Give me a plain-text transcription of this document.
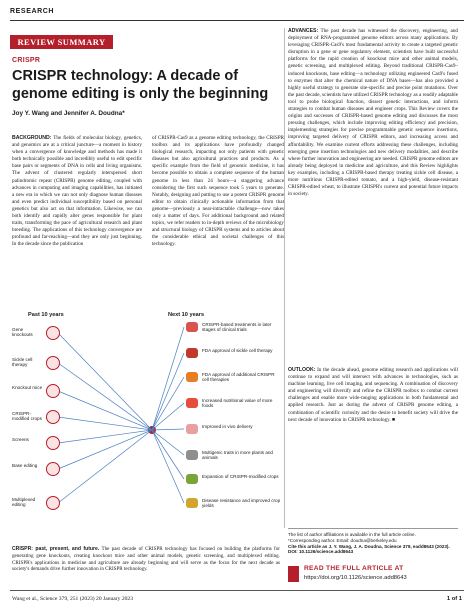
RESEARCH
REVIEW SUMMARY
CRISPR
CRISPR technology: A decade of genome editing is only the beginning
Joy Y. Wang and Jennifer A. Doudna*

BACKGROUND: The fields of molecular biology, genetics, and genomics are at a critical juncture—a moment in history when a convergence of knowledge and methods has made it both technically possible and incredibly useful to edit specific base pairs or segments of DNA in cells and living organisms. The advent of clustered regularly interspersed short palindromic repeat (CRISPR) genome editing, coupled with advances in computing and imaging capabilities, has initiated a new era in which we can not only diagnose human diseases and even predict individual susceptibility based on personal genetics but also act on that information. Likewise, we can both identify and rapidly alter genes responsible for plant traits, transforming the pace of agricultural research and plant breeding. The applications of this technology convergence are profound and far-reaching—and they are only just beginning. In the decade since the publication

of CRISPR-Cas9 as a genome editing technology, the CRISPR toolbox and its applications have profoundly changed biological research, impacting not only patients with genetic diseases but also agricultural practices and products. As a specific example from the field of genomic medicine, it has become possible to obtain a complete sequence of the human genome in less than 24 hours—a staggering advance considering the first such sequence took 5 years to generate. Notably, designing and putting to use a potent CRISPR genome editor to obtain clinically actionable information from that genome—previously a near-intractable challenge—now takes only a matter of days. For additional background and related topics, we refer readers to in-depth reviews of the microbiology and structural biology of CRISPR systems and to articles about the considerable ethical and societal challenges of this technology.

ADVANCES: The past decade has witnessed the discovery, engineering, and deployment of RNA-programmed genome editors across many applications. By leveraging CRISPR-Cas9's most fundamental activity to create a targeted genetic disruption in a gene or gene regulatory element, scientists have built successful platforms for the rapid creation of knockout mice and other animal models, genetic screening, and multiplexed editing. Beyond traditional CRISPR-Cas9–induced knockouts, base editing—a technology utilizing engineered Cas9's fused to enzymes that alter the chemical nature of DNA bases—has also provided a highly useful strategy to generate site-specific and precise point mutations. Over the past decade, scientists have utilized CRISPR technology as a readily adaptable tool to probe biological function, dissect genetic interactions, and inform strategies to combat human diseases and engineer crops. This Review covers the origins and successes of CRISPR-based genome editing and discusses the most pressing challenges, which include improving editing efficiency and precision, implementing strategies for precise programmable genetic sequence insertions, improving targeted delivery of CRISPR editors, and increasing access and affordability. We examine current efforts addressing these challenges, including emerging gene insertion technologies and new delivery modalities, and describe where further innovation and engineering are needed. CRISPR genome editors are already being deployed in medicine and agriculture, and this Review highlights key examples, including a CRISPR-based therapy treating sickle cell disease, a more nutritious CRISPR-edited tomato, and a high-yield, disease-resistant CRISPR-edited wheat, to illustrate CRISPR's current and potential future impacts in society.

OUTLOOK: In the decade ahead, genome editing research and applications will continue to expand and will intersect with advances in technologies, such as machine learning, live cell imaging, and sequencing. A combination of discovery and engineering will diversify and refine the CRISPR toolbox to combat current challenges and enable more wide-ranging applications in both fundamental and applied research. Just as during the advent of CRISPR genome editing, a combination of scientific curiosity and the desire to benefit society will drive the next decade of innovation in CRISPR technology. ■

Past 10 years	Next 10 years
Gene knockouts
Sickle cell therapy
Knockout mice
CRISPR-modified crops
Screens
Base editing
Multiplexed editing
CRISPR-based treatments in later stages of clinical trials
FDA approval of sickle cell therapy
FDA approval of additional CRISPR cell therapies
Increased nutritional value of more foods
Improved in vivo delivery
Multigenic traits in more plants and animals
Expansion of CRISPR-modified crops
Disease resistance and improved crop yields

CRISPR: past, present, and future. The past decade of CRISPR technology has focused on building the platforms for generating gene knockouts, creating knockout mice and other animal models, genetic screening, and multiplexed editing. CRISPR's applications in medicine and agriculture are already beginning and will serve as the focus for the next decade as society's demands drive further innovation in CRISPR technology.

The list of author affiliations is available in the full article online.
*Corresponding author. Email: doudna@berkeley.edu
Cite this article as J. Y. Wang, J. A. Doudna, Science 379, eadd8643 (2023). DOI: 10.1126/science.add8643
READ THE FULL ARTICLE AT
https://doi.org/10.1126/science.add8643
Wang et al., Science 379, 251 (2023) 20 January 2023	1 of 1
